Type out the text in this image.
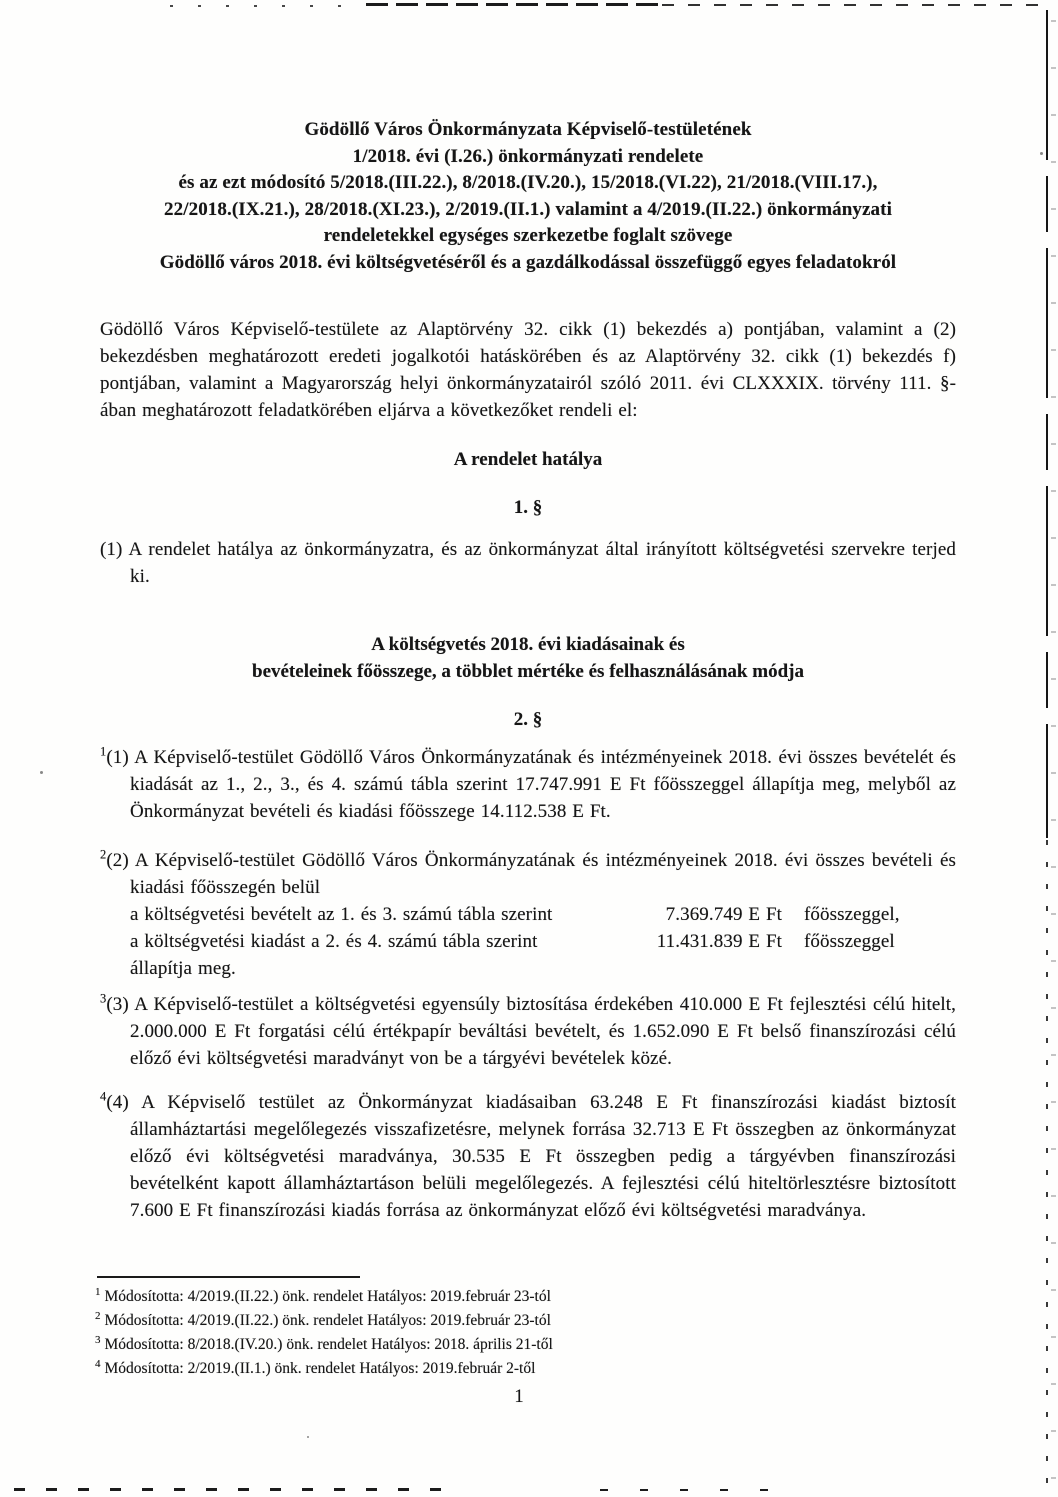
Gödöllő Város Önkormányzata Képviselő-testületének
1/2018. évi (I.26.) önkormányzati rendelete
és az ezt módosító 5/2018.(III.22.), 8/2018.(IV.20.), 15/2018.(VI.22), 21/2018.(VIII.17.),
22/2018.(IX.21.), 28/2018.(XI.23.), 2/2019.(II.1.) valamint a 4/2019.(II.22.) önkormányzati
rendeletekkel egységes szerkezetbe foglalt szövege
Gödöllő város 2018. évi költségvetéséről és a gazdálkodással összefüggő egyes feladatokról

Gödöllő Város Képviselő-testülete az Alaptörvény 32. cikk (1) bekezdés a) pontjában, valamint a (2) bekezdésben meghatározott eredeti jogalkotói hatáskörében és az Alaptörvény 32. cikk (1) bekezdés f) pontjában, valamint a Magyarország helyi önkormányzatairól szóló 2011. évi CLXXXIX. törvény 111. §-ában meghatározott feladatkörében eljárva a következőket rendeli el:

A rendelet hatálya
1. §

(1) A rendelet hatálya az önkormányzatra, és az önkormányzat által irányított költségvetési szervekre terjed ki.

A költségvetés 2018. évi kiadásainak és
bevételeinek főösszege, a többlet mértéke és felhasználásának módja
2. §

$^1$(1) A Képviselő-testület Gödöllő Város Önkormányzatának és intézményeinek 2018. évi összes bevételét és kiadását az 1., 2., 3., és 4. számú tábla szerint 17.747.991 E Ft főösszeggel állapítja meg, melyből az Önkormányzat bevételi és kiadási főösszege 14.112.538 E Ft.

$^2$(2) A Képviselő-testület Gödöllő Város Önkormányzatának és intézményeinek 2018. évi összes bevételi és kiadási főösszegén belül

a költségvetési bevételt az 1. és 3. számú tábla szerint	7.369.749 E Ft	főösszeggel,
a költségvetési kiadást a 2. és 4. számú tábla szerint	11.431.839 E Ft	főösszeggel

állapítja meg.

$^3$(3) A Képviselő-testület a költségvetési egyensúly biztosítása érdekében 410.000 E Ft fejlesztési célú hitelt, 2.000.000 E Ft forgatási célú értékpapír beváltási bevételt, és 1.652.090 E Ft belső finanszírozási célú előző évi költségvetési maradványt von be a tárgyévi bevételek közé.

$^4$(4) A Képviselő testület az Önkormányzat kiadásaiban 63.248 E Ft finanszírozási kiadást biztosít államháztartási megelőlegezés visszafizetésre, melynek forrása 32.713 E Ft összegben az önkormányzat előző évi költségvetési maradványa, 30.535 E Ft összegben pedig a tárgyévben finanszírozási bevételként kapott államháztartáson belüli megelőlegezés. A fejlesztési célú hiteltörlesztésre biztosított 7.600 E Ft finanszírozási kiadás forrása az önkormányzat előző évi költségvetési maradványa.

$^1$ Módosította: 4/2019.(II.22.) önk. rendelet Hatályos: 2019.február 23-tól
$^2$ Módosította: 4/2019.(II.22.) önk. rendelet Hatályos: 2019.február 23-tól
$^3$ Módosította: 8/2018.(IV.20.) önk. rendelet Hatályos: 2018. április 21-től
$^4$ Módosította: 2/2019.(II.1.) önk. rendelet Hatályos: 2019.február 2-től
1
